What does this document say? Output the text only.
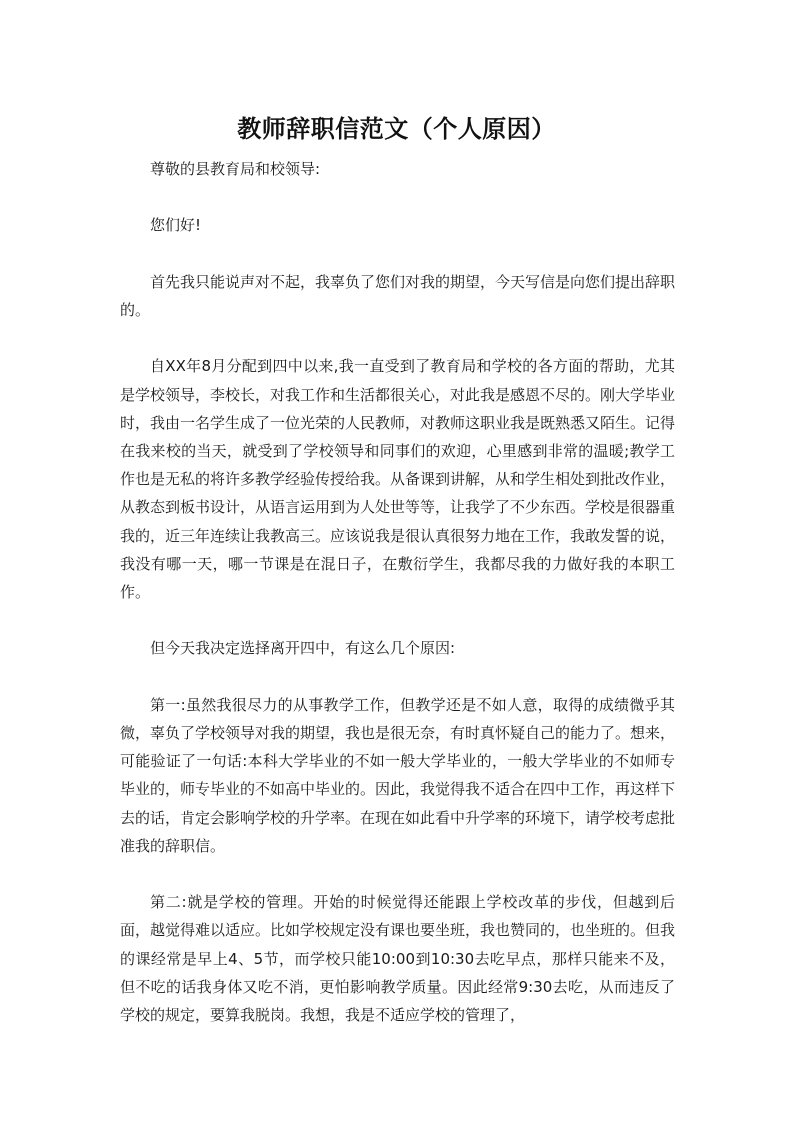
教师辞职信范文（个人原因）

尊敬的县教育局和校领导:

您们好!

首先我只能说声对不起，我辜负了您们对我的期望，今天写信是向您们提出辞职的。

自XX年8月分配到四中以来,我一直受到了教育局和学校的各方面的帮助，尤其是学校领导，李校长，对我工作和生活都很关心，对此我是感恩不尽的。刚大学毕业时，我由一名学生成了一位光荣的人民教师，对教师这职业我是既熟悉又陌生。记得在我来校的当天，就受到了学校领导和同事们的欢迎，心里感到非常的温暖;教学工作也是无私的将许多教学经验传授给我。从备课到讲解，从和学生相处到批改作业，从教态到板书设计，从语言运用到为人处世等等，让我学了不少东西。学校是很器重我的，近三年连续让我教高三。应该说我是很认真很努力地在工作，我敢发誓的说，我没有哪一天，哪一节课是在混日子，在敷衍学生，我都尽我的力做好我的本职工作。

但今天我决定选择离开四中，有这么几个原因:

第一:虽然我很尽力的从事教学工作，但教学还是不如人意，取得的成绩微乎其微，辜负了学校领导对我的期望，我也是很无奈，有时真怀疑自己的能力了。想来，可能验证了一句话:本科大学毕业的不如一般大学毕业的，一般大学毕业的不如师专毕业的，师专毕业的不如高中毕业的。因此，我觉得我不适合在四中工作，再这样下去的话，肯定会影响学校的升学率。在现在如此看中升学率的环境下，请学校考虑批准我的辞职信。

第二:就是学校的管理。开始的时候觉得还能跟上学校改革的步伐，但越到后面，越觉得难以适应。比如学校规定没有课也要坐班，我也赞同的，也坐班的。但我的课经常是早上4、5节，而学校只能10:00到10:30去吃早点，那样只能来不及，但不吃的话我身体又吃不消，更怕影响教学质量。因此经常9:30去吃，从而违反了学校的规定，要算我脱岗。我想，我是不适应学校的管理了，
